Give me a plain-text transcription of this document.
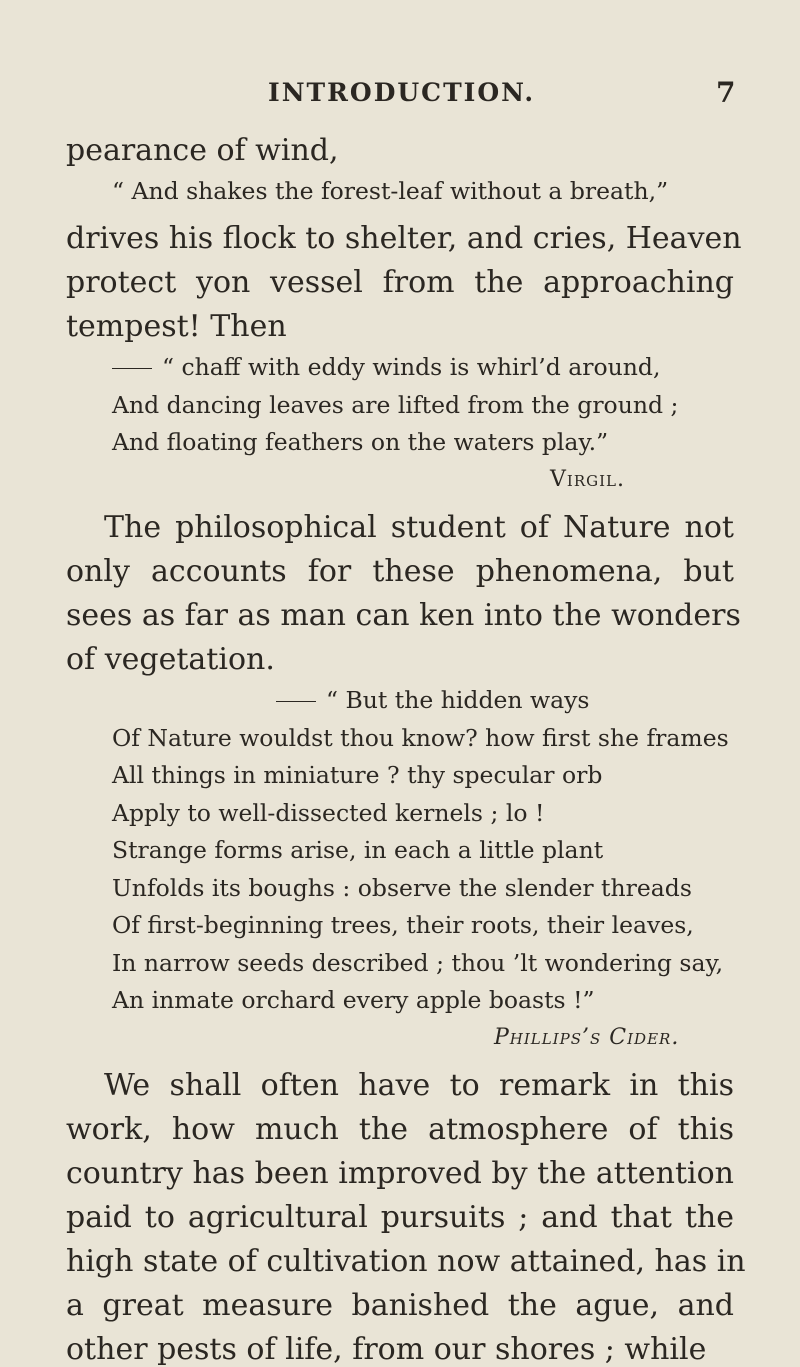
INTRODUCTION.	7
pearance of wind,
“ And shakes the forest-leaf without a breath,”
drives his flock to shelter, and cries, Heaven
protect yon vessel from the approaching
tempest! Then
“ chaff with eddy winds is whirl’d around,
And dancing leaves are lifted from the ground ;
And floating feathers on the waters play.”
Virgil.
The philosophical student of Nature not
only accounts for these phenomena, but
sees as far as man can ken into the wonders
of vegetation.
“ But the hidden ways
Of Nature wouldst thou know? how first she frames
All things in miniature ? thy specular orb
Apply to well-dissected kernels ; lo !
Strange forms arise, in each a little plant
Unfolds its boughs : observe the slender threads
Of first-beginning trees, their roots, their leaves,
In narrow seeds described ; thou ’lt wondering say,
An inmate orchard every apple boasts !”
Phillips’s Cider.
We shall often have to remark in this
work, how much the atmosphere of this
country has been improved by the attention
paid to agricultural pursuits ; and that the
high state of cultivation now attained, has in
a great measure banished the ague, and
other pests of life, from our shores ; while
